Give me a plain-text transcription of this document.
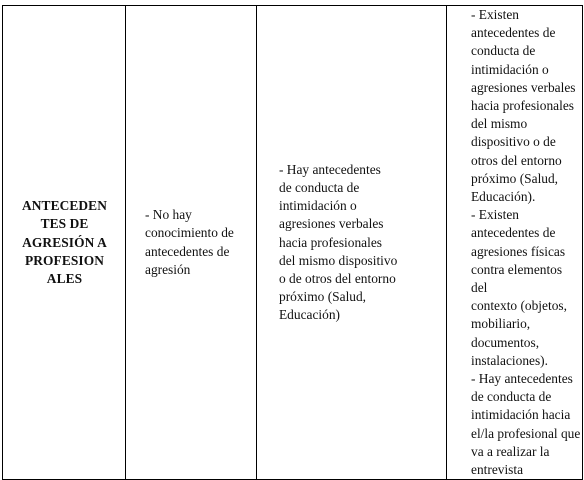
ANTECEDEN
TES DE
AGRESIÓN A
PROFESION
ALES

- No hay
conocimiento de
antecedentes de
agresión

- Hay antecedentes
de conducta de
intimidación o
agresiones verbales
hacia profesionales
del mismo dispositivo
o de otros del entorno
próximo (Salud,
Educación)

- Existen
antecedentes de
conducta de
intimidación o
agresiones verbales
hacia profesionales
del mismo
dispositivo o de
otros del entorno
próximo (Salud,
Educación).
- Existen
antecedentes de
agresiones físicas
contra elementos del
contexto (objetos,
mobiliario,
documentos,
instalaciones).
- Hay antecedentes
de conducta de
intimidación hacia
el/la profesional que
va a realizar la
entrevista
